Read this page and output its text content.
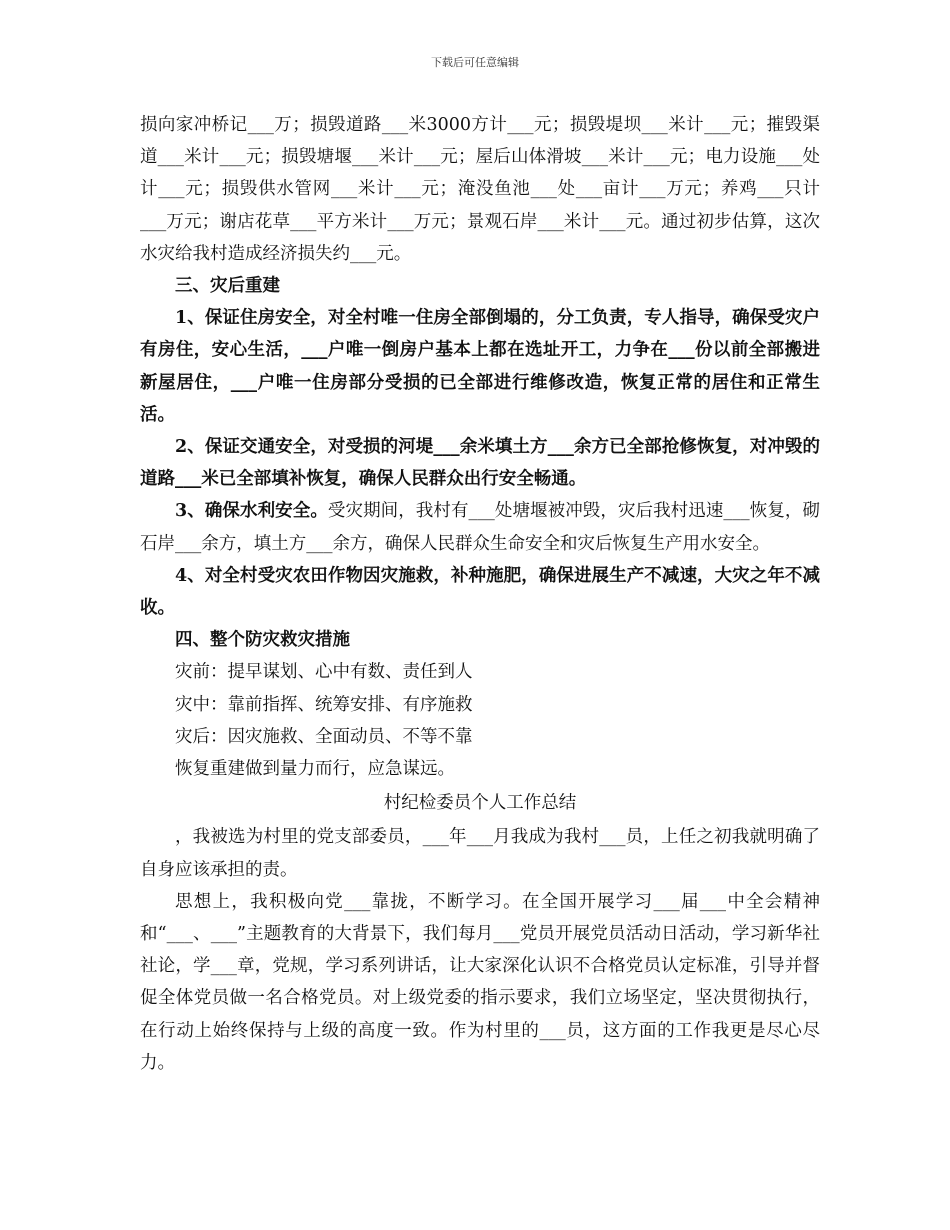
下载后可任意编辑

损向家冲桥记___万；损毁道路___米3000方计___元；损毁堤坝___米计___元；摧毁渠道___米计___元；损毁塘堰___米计___元；屋后山体滑坡___米计___元；电力设施___处计___元；损毁供水管网___米计___元；淹没鱼池___处___亩计___万元；养鸡___只计___万元；谢店花草___平方米计___万元；景观石岸___米计___元。通过初步估算，这次水灾给我村造成经济损失约___元。

三、灾后重建

1、保证住房安全，对全村唯一住房全部倒塌的，分工负责，专人指导，确保受灾户有房住，安心生活，___户唯一倒房户基本上都在选址开工，力争在___份以前全部搬进新屋居住，___户唯一住房部分受损的已全部进行维修改造，恢复正常的居住和正常生活。

2、保证交通安全，对受损的河堤___余米填土方___余方已全部抢修恢复，对冲毁的道路___米已全部填补恢复，确保人民群众出行安全畅通。

3、确保水利安全。受灾期间，我村有___处塘堰被冲毁，灾后我村迅速___恢复，砌石岸___余方，填土方___余方，确保人民群众生命安全和灾后恢复生产用水安全。

4、对全村受灾农田作物因灾施救，补种施肥，确保进展生产不减速，大灾之年不减收。

四、整个防灾救灾措施

灾前：提早谋划、心中有数、责任到人

灾中：靠前指挥、统筹安排、有序施救

灾后：因灾施救、全面动员、不等不靠

恢复重建做到量力而行，应急谋远。

村纪检委员个人工作总结

，我被选为村里的党支部委员，___年___月我成为我村___员，上任之初我就明确了自身应该承担的责。

思想上，我积极向党___靠拢，不断学习。在全国开展学习___届___中全会精神和“___、___”主题教育的大背景下，我们每月___党员开展党员活动日活动，学习新华社社论，学___章，党规，学习系列讲话，让大家深化认识不合格党员认定标准，引导并督促全体党员做一名合格党员。对上级党委的指示要求，我们立场坚定，坚决贯彻执行，在行动上始终保持与上级的高度一致。作为村里的___员，这方面的工作我更是尽心尽力。
